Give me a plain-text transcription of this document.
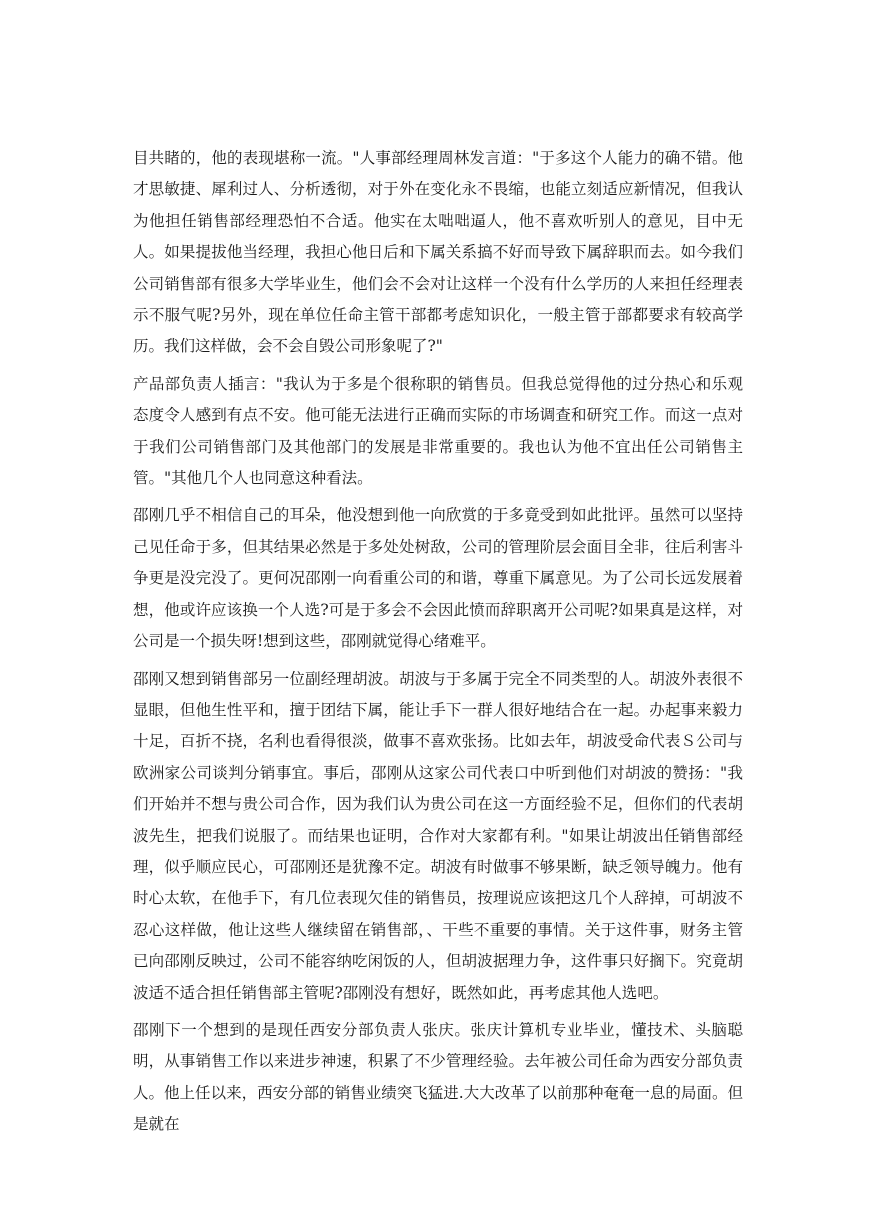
目共睹的，他的表现堪称一流。"人事部经理周林发言道："于多这个人能力的确不错。他才思敏捷、犀利过人、分析透彻，对于外在变化永不畏缩，也能立刻适应新情况，但我认为他担任销售部经理恐怕不合适。他实在太咄咄逼人，他不喜欢听别人的意见，目中无人。如果提拔他当经理，我担心他日后和下属关系搞不好而导致下属辞职而去。如今我们公司销售部有很多大学毕业生，他们会不会对让这样一个没有什么学历的人来担任经理表示不服气呢?另外，现在单位任命主管干部都考虑知识化，一般主管于部都要求有较高学历。我们这样做，会不会自毁公司形象呢了?"

产品部负责人插言："我认为于多是个很称职的销售员。但我总觉得他的过分热心和乐观态度令人感到有点不安。他可能无法进行正确而实际的市场调查和研究工作。而这一点对于我们公司销售部门及其他部门的发展是非常重要的。我也认为他不宜出任公司销售主管。"其他几个人也同意这种看法。

邵刚几乎不相信自己的耳朵，他没想到他一向欣赏的于多竟受到如此批评。虽然可以坚持己见任命于多，但其结果必然是于多处处树敌，公司的管理阶层会面目全非，往后利害斗争更是没完没了。更何况邵刚一向看重公司的和谐，尊重下属意见。为了公司长远发展着想，他或许应该换一个人选?可是于多会不会因此愤而辞职离开公司呢?如果真是这样，对公司是一个损失呀!想到这些，邵刚就觉得心绪难平。

邵刚又想到销售部另一位副经理胡波。胡波与于多属于完全不同类型的人。胡波外表很不显眼，但他生性平和，擅于团结下属，能让手下一群人很好地结合在一起。办起事来毅力十足，百折不挠，名利也看得很淡，做事不喜欢张扬。比如去年，胡波受命代表Ｓ公司与欧洲家公司谈判分销事宜。事后，邵刚从这家公司代表口中听到他们对胡波的赞扬："我们开始并不想与贵公司合作，因为我们认为贵公司在这一方面经验不足，但你们的代表胡波先生，把我们说服了。而结果也证明，合作对大家都有利。"如果让胡波出任销售部经理，似乎顺应民心，可邵刚还是犹豫不定。胡波有时做事不够果断，缺乏领导魄力。他有时心太软，在他手下，有几位表现欠佳的销售员，按理说应该把这几个人辞掉，可胡波不忍心这样做，他让这些人继续留在销售部，、干些不重要的事情。关于这件事，财务主管已向邵刚反映过，公司不能容纳吃闲饭的人，但胡波据理力争，这件事只好搁下。究竟胡波适不适合担任销售部主管呢?邵刚没有想好，既然如此，再考虑其他人选吧。

邵刚下一个想到的是现任西安分部负责人张庆。张庆计算机专业毕业，懂技术、头脑聪明，从事销售工作以来进步神速，积累了不少管理经验。去年被公司任命为西安分部负责人。他上任以来，西安分部的销售业绩突飞猛进.大大改革了以前那种奄奄一息的局面。但是就在
